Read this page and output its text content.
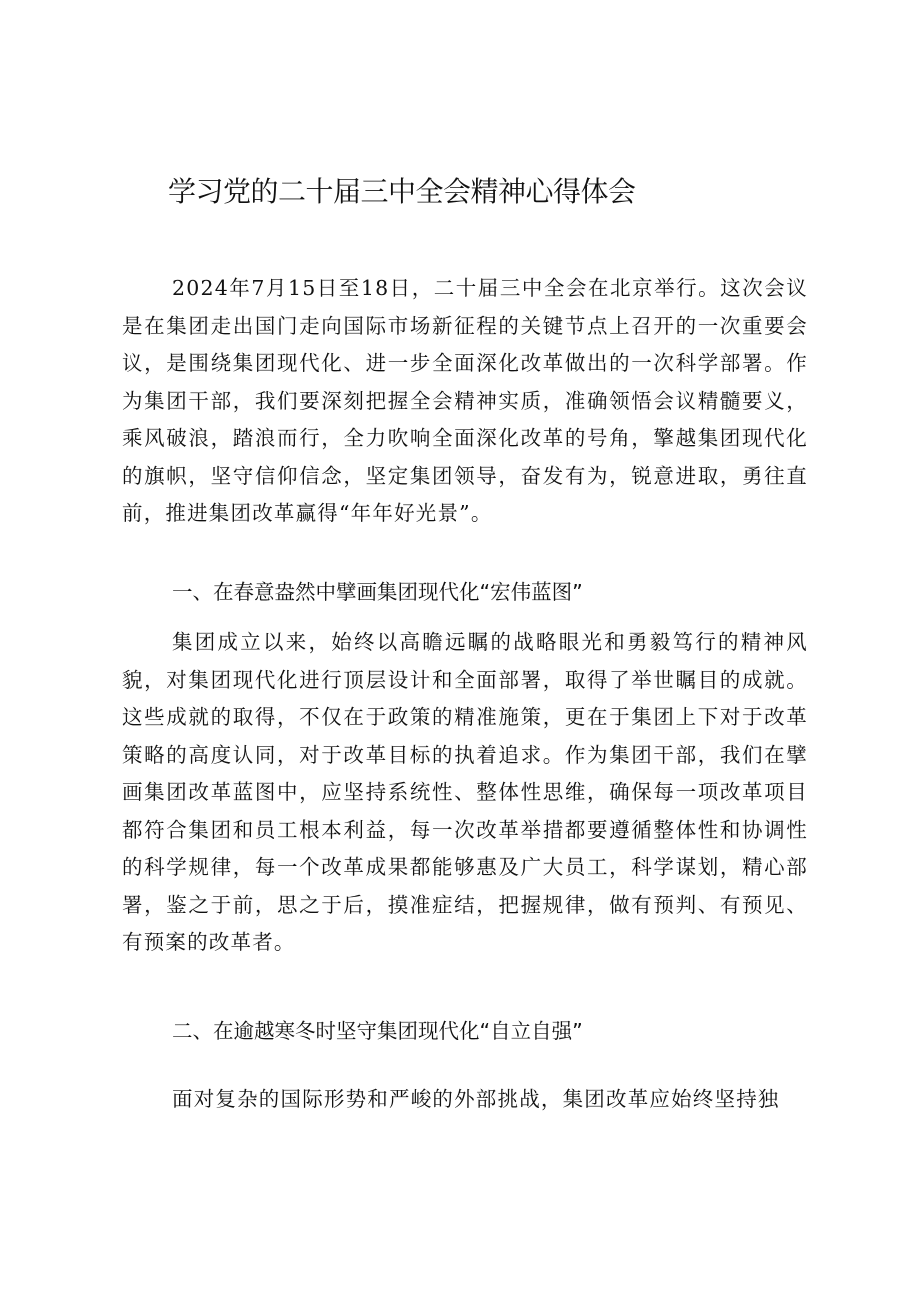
学习党的二十届三中全会精神心得体会
2024年7月15日至18日，二十届三中全会在北京举行。这次会议是在集团走出国门走向国际市场新征程的关键节点上召开的一次重要会议，是围绕集团现代化、进一步全面深化改革做出的一次科学部署。作为集团干部，我们要深刻把握全会精神实质，准确领悟会议精髓要义，乘风破浪，踏浪而行，全力吹响全面深化改革的号角，擎越集团现代化的旗帜，坚守信仰信念，坚定集团领导，奋发有为，锐意进取，勇往直前，推进集团改革赢得“年年好光景”。
一、在春意盎然中擘画集团现代化“宏伟蓝图”
集团成立以来，始终以高瞻远瞩的战略眼光和勇毅笃行的精神风貌，对集团现代化进行顶层设计和全面部署，取得了举世瞩目的成就。这些成就的取得，不仅在于政策的精准施策，更在于集团上下对于改革策略的高度认同，对于改革目标的执着追求。作为集团干部，我们在擘画集团改革蓝图中，应坚持系统性、整体性思维，确保每一项改革项目都符合集团和员工根本利益，每一次改革举措都要遵循整体性和协调性的科学规律，每一个改革成果都能够惠及广大员工，科学谋划，精心部署，鉴之于前，思之于后，摸准症结，把握规律，做有预判、有预见、有预案的改革者。
二、在逾越寒冬时坚守集团现代化“自立自强”
面对复杂的国际形势和严峻的外部挑战，集团改革应始终坚持独
